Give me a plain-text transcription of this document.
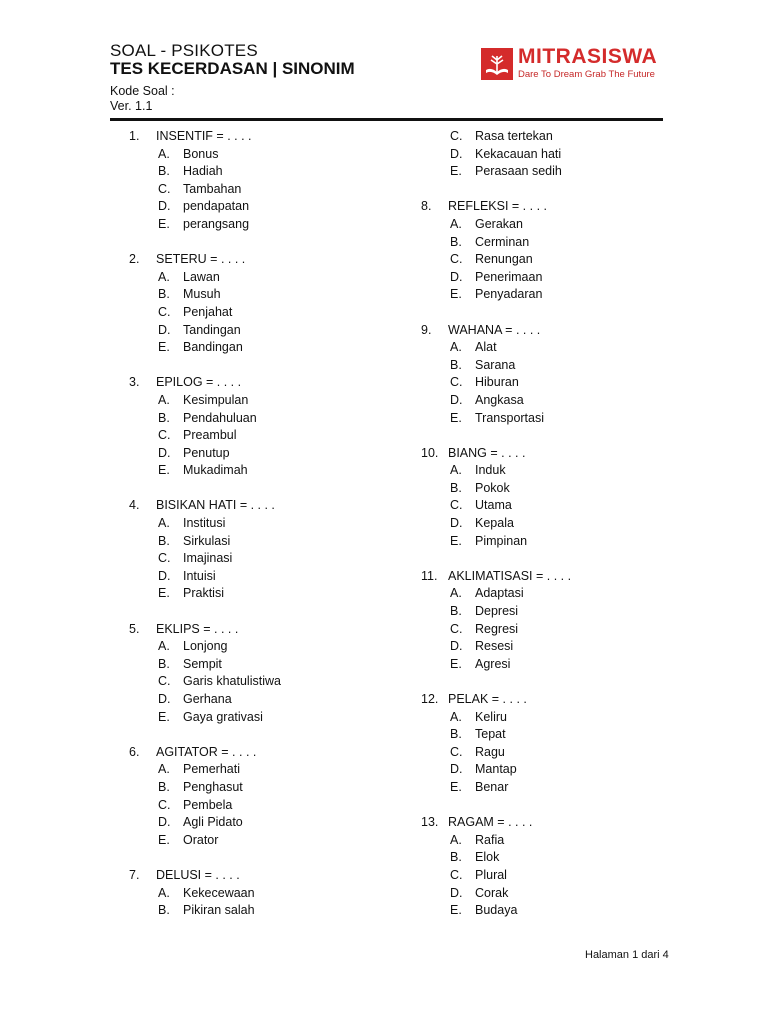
SOAL - PSIKOTES
TES KECERDASAN | SINONIM
Kode Soal :
Ver. 1.1
MITRASISWA
Dare To Dream Grab The Future
1. INSENTIF = . . . .
A. Bonus
B. Hadiah
C. Tambahan
D. pendapatan
E. perangsang
2. SETERU = . . . .
A. Lawan
B. Musuh
C. Penjahat
D. Tandingan
E. Bandingan
3. EPILOG = . . . .
A. Kesimpulan
B. Pendahuluan
C. Preambul
D. Penutup
E. Mukadimah
4. BISIKAN HATI = . . . .
A. Institusi
B. Sirkulasi
C. Imajinasi
D. Intuisi
E. Praktisi
5. EKLIPS = . . . .
A. Lonjong
B. Sempit
C. Garis khatulistiwa
D. Gerhana
E. Gaya grativasi
6. AGITATOR = . . . .
A. Pemerhati
B. Penghasut
C. Pembela
D. Agli Pidato
E. Orator
7. DELUSI = . . . .
A. Kekecewaan
B. Pikiran salah
C. Rasa tertekan
D. Kekacauan hati
E. Perasaan sedih
8. REFLEKSI = . . . .
A. Gerakan
B. Cerminan
C. Renungan
D. Penerimaan
E. Penyadaran
9. WAHANA = . . . .
A. Alat
B. Sarana
C. Hiburan
D. Angkasa
E. Transportasi
10. BIANG = . . . .
A. Induk
B. Pokok
C. Utama
D. Kepala
E. Pimpinan
11. AKLIMATISASI = . . . .
A. Adaptasi
B. Depresi
C. Regresi
D. Resesi
E. Agresi
12. PELAK = . . . .
A. Keliru
B. Tepat
C. Ragu
D. Mantap
E. Benar
13. RAGAM = . . . .
A. Rafia
B. Elok
C. Plural
D. Corak
E. Budaya
Halaman 1 dari 4
